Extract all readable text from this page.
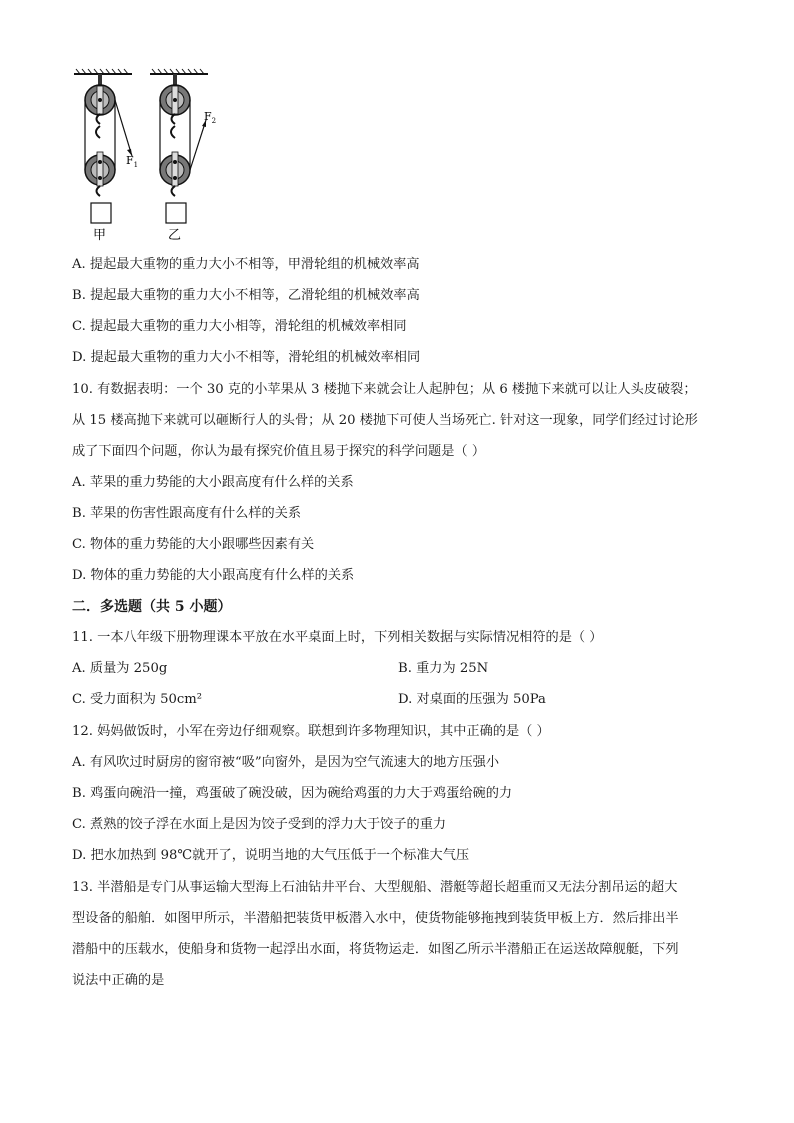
$F_1$
$F_2$
甲	乙
A. 提起最大重物的重力大小不相等，甲滑轮组的机械效率高
B. 提起最大重物的重力大小不相等，乙滑轮组的机械效率高
C. 提起最大重物的重力大小相等，滑轮组的机械效率相同
D. 提起最大重物的重力大小不相等，滑轮组的机械效率相同
10. 有数据表明：一个 30 克的小苹果从 3 楼抛下来就会让人起肿包；从 6 楼抛下来就可以让人头皮破裂；
从 15 楼高抛下来就可以砸断行人的头骨；从 20 楼抛下可使人当场死亡. 针对这一现象，同学们经过讨论形
成了下面四个问题，你认为最有探究价值且易于探究的科学问题是（ ）
A. 苹果的重力势能的大小跟高度有什么样的关系
B. 苹果的伤害性跟高度有什么样的关系
C. 物体的重力势能的大小跟哪些因素有关
D. 物体的重力势能的大小跟高度有什么样的关系
二．多选题（共 5 小题）
11. 一本八年级下册物理课本平放在水平桌面上时，下列相关数据与实际情况相符的是（ ）
A. 质量为 250g	B. 重力为 25N
C. 受力面积为 50cm²	D. 对桌面的压强为 50Pa
12. 妈妈做饭时，小军在旁边仔细观察。联想到许多物理知识，其中正确的是（ ）
A. 有风吹过时厨房的窗帘被“吸”向窗外，是因为空气流速大的地方压强小
B. 鸡蛋向碗沿一撞，鸡蛋破了碗没破，因为碗给鸡蛋的力大于鸡蛋给碗的力
C. 煮熟的饺子浮在水面上是因为饺子受到的浮力大于饺子的重力
D. 把水加热到 98℃就开了，说明当地的大气压低于一个标准大气压
13. 半潜船是专门从事运输大型海上石油钻井平台、大型舰船、潜艇等超长超重而又无法分割吊运的超大
型设备的船舶．如图甲所示，半潜船把装货甲板潜入水中，使货物能够拖拽到装货甲板上方．然后排出半
潜船中的压载水，使船身和货物一起浮出水面，将货物运走．如图乙所示半潜船正在运送故障舰艇，下列
说法中正确的是
